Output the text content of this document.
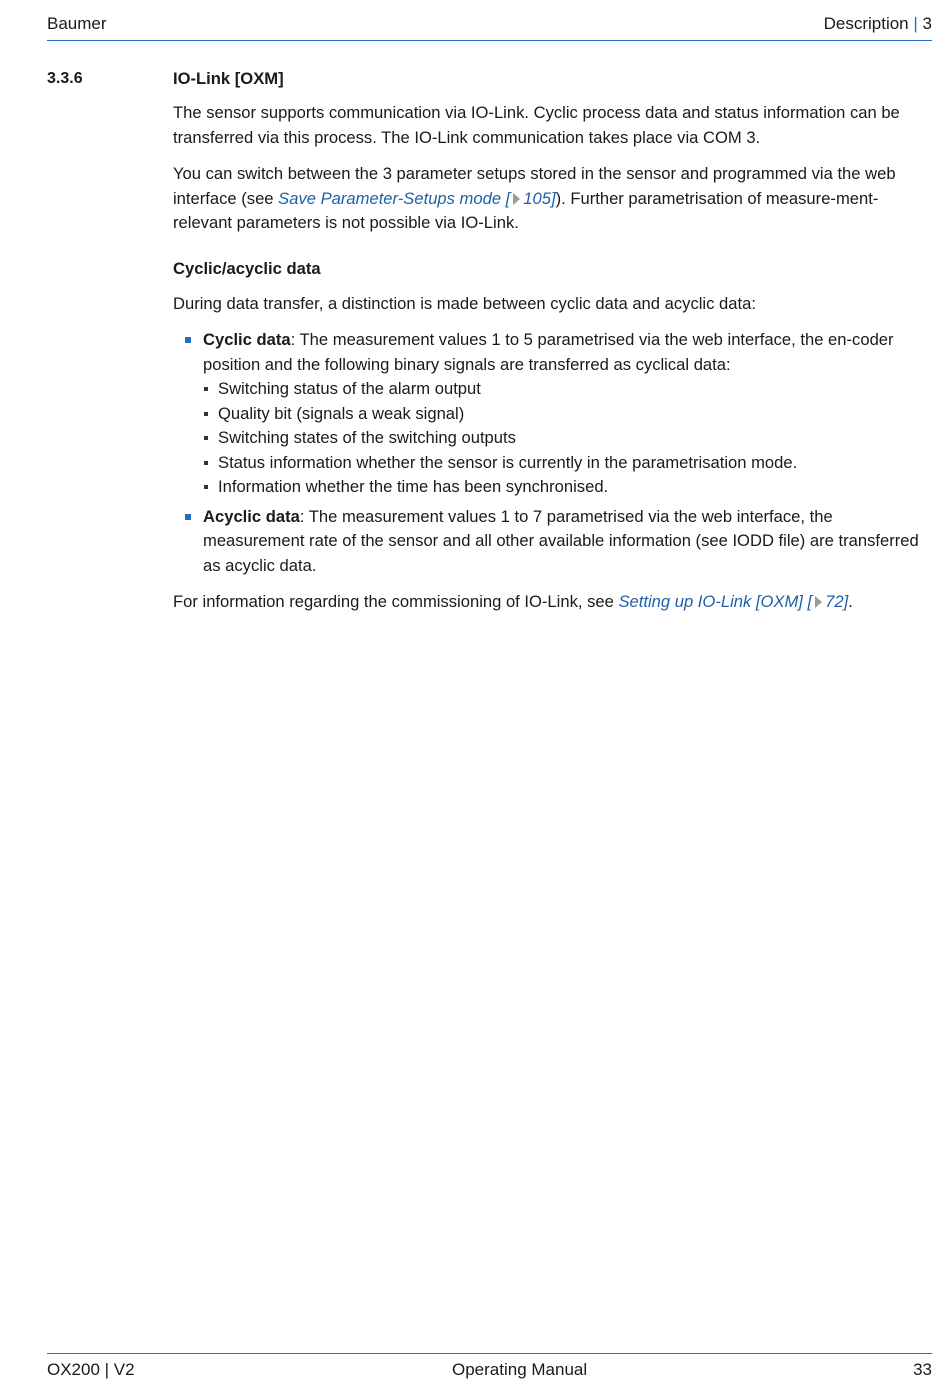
Baumer	Description | 3
3.3.6	IO-Link [OXM]

The sensor supports communication via IO-Link. Cyclic process data and status information can be transferred via this process. The IO-Link communication takes place via COM 3.

You can switch between the 3 parameter setups stored in the sensor and programmed via the web interface (see Save Parameter-Setups mode [ 105]). Further parametrisation of measure-ment-relevant parameters is not possible via IO-Link.

Cyclic/acyclic data

During data transfer, a distinction is made between cyclic data and acyclic data:

Cyclic data: The measurement values 1 to 5 parametrised via the web interface, the en-coder position and the following binary signals are transferred as cyclical data:
Switching status of the alarm output
Quality bit (signals a weak signal)
Switching states of the switching outputs
Status information whether the sensor is currently in the parametrisation mode.
Information whether the time has been synchronised.
Acyclic data: The measurement values 1 to 7 parametrised via the web interface, the measurement rate of the sensor and all other available information (see IODD file) are transferred as acyclic data.

For information regarding the commissioning of IO-Link, see Setting up IO-Link [OXM] [ 72].

OX200 | V2	Operating Manual	33
